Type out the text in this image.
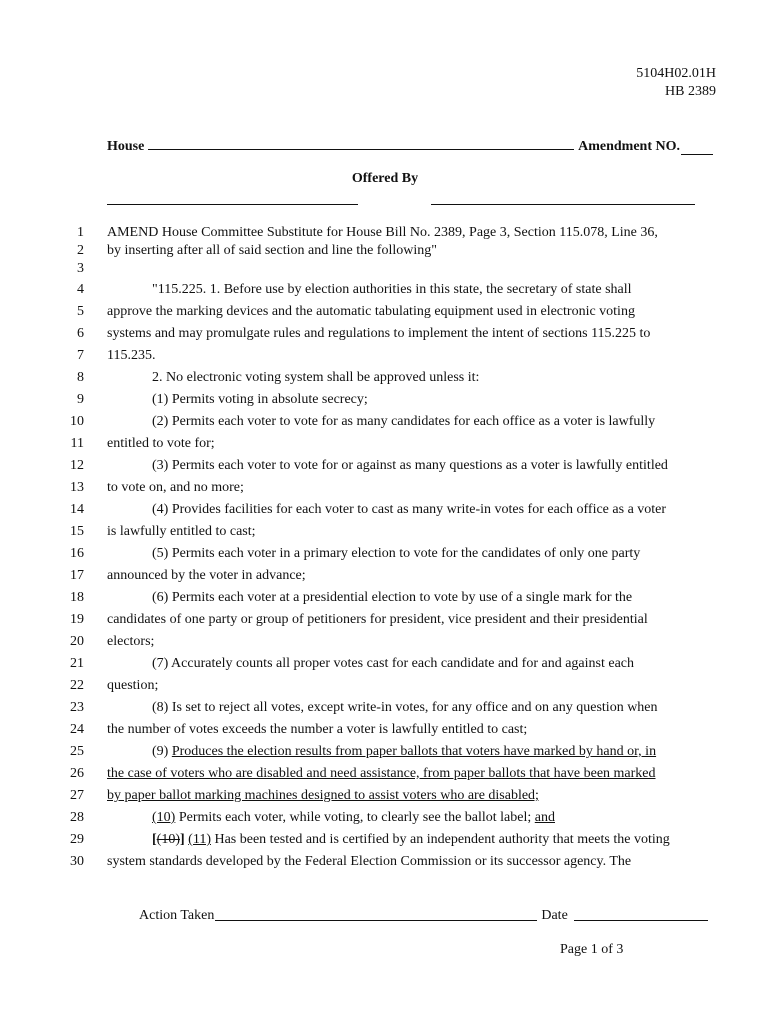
5104H02.01H
HB 2389
House	Amendment NO.
Offered By
1 AMEND House Committee Substitute for House Bill No. 2389, Page 3, Section 115.078, Line 36,
2 by inserting after all of said section and line the following"
3
4	"115.225. 1. Before use by election authorities in this state, the secretary of state shall
5 approve the marking devices and the automatic tabulating equipment used in electronic voting
6 systems and may promulgate rules and regulations to implement the intent of sections 115.225 to
7 115.235.
8	2. No electronic voting system shall be approved unless it:
9	(1) Permits voting in absolute secrecy;
10	(2) Permits each voter to vote for as many candidates for each office as a voter is lawfully
11 entitled to vote for;
12	(3) Permits each voter to vote for or against as many questions as a voter is lawfully entitled
13 to vote on, and no more;
14	(4) Provides facilities for each voter to cast as many write-in votes for each office as a voter
15 is lawfully entitled to cast;
16	(5) Permits each voter in a primary election to vote for the candidates of only one party
17 announced by the voter in advance;
18	(6) Permits each voter at a presidential election to vote by use of a single mark for the
19 candidates of one party or group of petitioners for president, vice president and their presidential
20 electors;
21	(7) Accurately counts all proper votes cast for each candidate and for and against each
22 question;
23	(8) Is set to reject all votes, except write-in votes, for any office and on any question when
24 the number of votes exceeds the number a voter is lawfully entitled to cast;
25	(9) Produces the election results from paper ballots that voters have marked by hand or, in
26 the case of voters who are disabled and need assistance, from paper ballots that have been marked
27 by paper ballot marking machines designed to assist voters who are disabled;
28	(10) Permits each voter, while voting, to clearly see the ballot label; and
29	[(10)] (11) Has been tested and is certified by an independent authority that meets the voting
30 system standards developed by the Federal Election Commission or its successor agency. The
Action Taken	Date
Page 1 of 3
